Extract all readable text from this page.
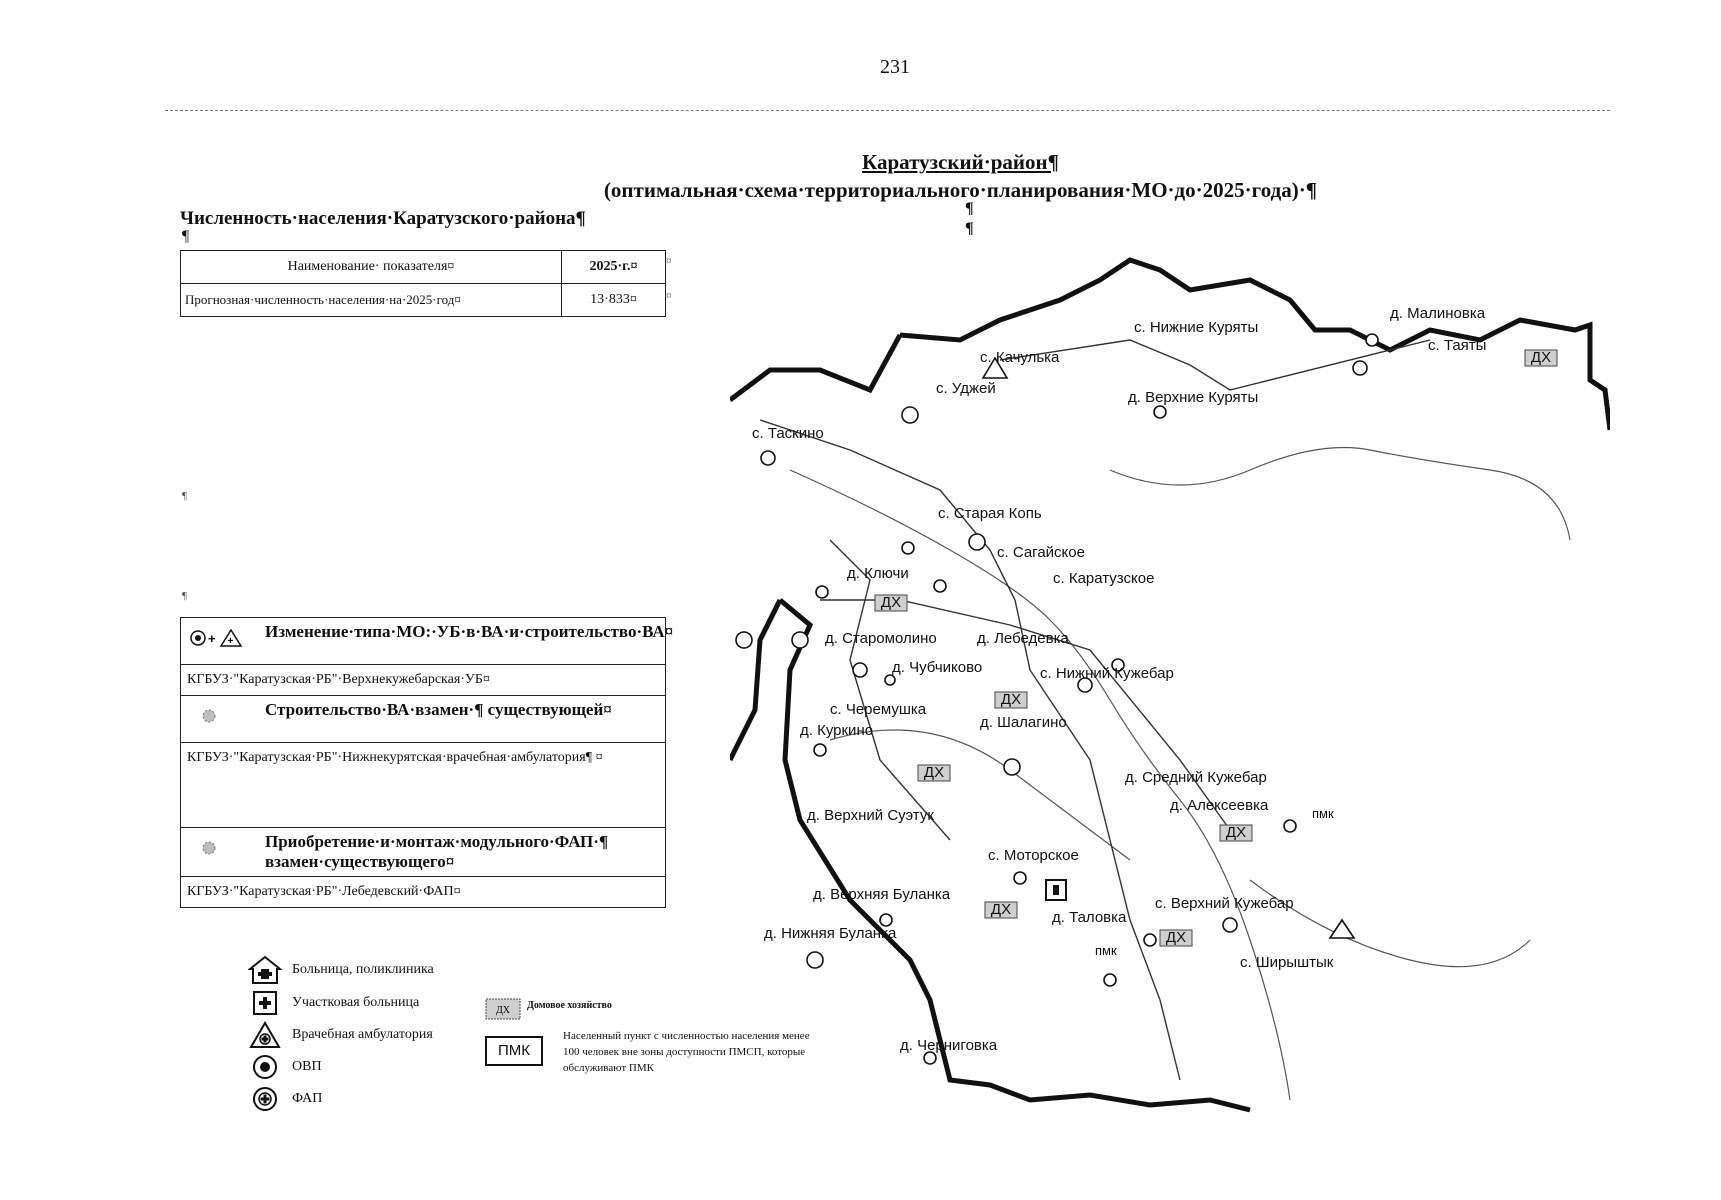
231
Каратузский·район¶
(оптимальная·схема·территориального·планирования·МО·до·2025·года)·¶
¶
¶
Численность·населения·Каратузского·района¶
¶
Наименование· показателя¤	2025·г.¤
Прогнозная·численность·населения·на·2025·год¤	13·833¤
¤
¤
¶
¶
+ +
Изменение·типа·МО:·УБ·в·ВА·и·строительство·ВА¤
КГБУЗ·"Каратузская·РБ"·Верхнекужебарская·УБ¤
Строительство·ВА·взамен·¶ существующей¤
КГБУЗ·"Каратузская·РБ"·Нижнекурятская·врачебная·амбулатория¶ ¤
Приобретение·и·монтаж·модульного·ФАП·¶ взамен·существующего¤
КГБУЗ·"Каратузская·РБ"·Лебедевский·ФАП¤
Больница, поликлиника
Участковая больница
Врачебная амбулатория
ОВП
ФАП
ДХ Домовое хозяйство
ПМК
Населенный пункт с численностью населения менее 100 человек вне зоны доступности ПМСП, которые обслуживают ПМК
ДХ
ДХ
ДХ
ДХ
ДХ
ДХ
ДХ
д. Малиновка
с. Таяты
с. Нижние Куряты
с. Качулька
с. Уджей
д. Верхние Куряты
с. Таскино
с. Старая Копь
с. Сагайское
с. Каратузское
д. Ключи
д. Старомолино	д. Лебедевка
д. Чубчиково	с. Нижний Кужебар
с. Черемушка
д. Шалагино
д. Куркино
д. Средний Кужебар
д. Алексеевка
д. Верхний Суэтук
с. Моторское
д. Верхняя Буланка
д. Таловка
с. Верхний Кужебар
д. Нижняя Буланка
с. Ширыштык
д. Черниговка
пмк
пмк
